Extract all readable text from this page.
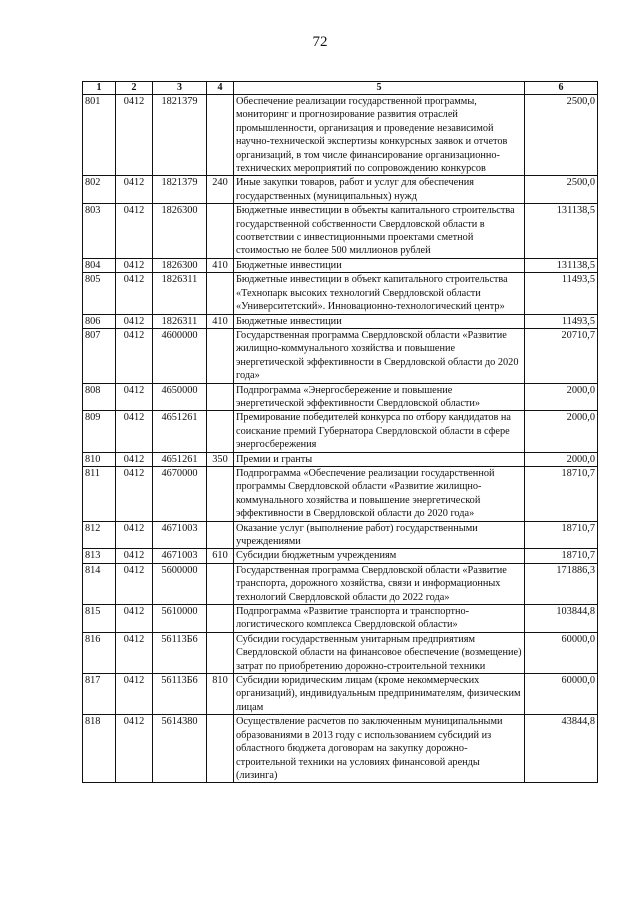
72
1	2	3	4	5	6
801	0412	1821379		Обеспечение реализации государственной программы, мониторинг и прогнозирование развития отраслей промышленности, организация и проведение независимой научно-технической экспертизы конкурсных заявок и отчетов организаций, в том числе финансирование организационно-технических мероприятий по сопровождению конкурсов	2500,0
802	0412	1821379	240	Иные закупки товаров, работ и услуг для обеспечения государственных (муниципальных) нужд	2500,0
803	0412	1826300		Бюджетные инвестиции в объекты капитального строительства государственной собственности Свердловской области в соответствии с инвестиционными проектами сметной стоимостью не более 500 миллионов рублей	131138,5
804	0412	1826300	410	Бюджетные инвестиции	131138,5
805	0412	1826311		Бюджетные инвестиции в объект капитального строительства «Технопарк высоких технологий Свердловской области «Университетский». Инновационно-технологический центр»	11493,5
806	0412	1826311	410	Бюджетные инвестиции	11493,5
807	0412	4600000		Государственная программа Свердловской области «Развитие жилищно-коммунального хозяйства и повышение энергетической эффективности в Свердловской области до 2020 года»	20710,7
808	0412	4650000		Подпрограмма «Энергосбережение и повышение энергетической эффективности Свердловской области»	2000,0
809	0412	4651261		Премирование победителей конкурса по отбору кандидатов на соискание премий Губернатора Свердловской области в сфере энергосбережения	2000,0
810	0412	4651261	350	Премии и гранты	2000,0
811	0412	4670000		Подпрограмма «Обеспечение реализации государственной программы Свердловской области «Развитие жилищно-коммунального хозяйства и повышение энергетической эффективности в Свердловской области до 2020 года»	18710,7
812	0412	4671003		Оказание услуг (выполнение работ) государственными учреждениями	18710,7
813	0412	4671003	610	Субсидии бюджетным учреждениям	18710,7
814	0412	5600000		Государственная программа Свердловской области «Развитие транспорта, дорожного хозяйства, связи и информационных технологий Свердловской области до 2022 года»	171886,3
815	0412	5610000		Подпрограмма «Развитие транспорта и транспортно-логистического комплекса Свердловской области»	103844,8
816	0412	56113Б6		Субсидии государственным унитарным предприятиям Свердловской области на финансовое обеспечение (возмещение) затрат по приобретению дорожно-строительной техники	60000,0
817	0412	56113Б6	810	Субсидии юридическим лицам (кроме некоммерческих организаций), индивидуальным предпринимателям, физическим лицам	60000,0
818	0412	5614380		Осуществление расчетов по заключенным муниципальными образованиями в 2013 году с использованием субсидий из областного бюджета договорам на закупку дорожно-строительной техники на условиях финансовой аренды (лизинга)	43844,8
